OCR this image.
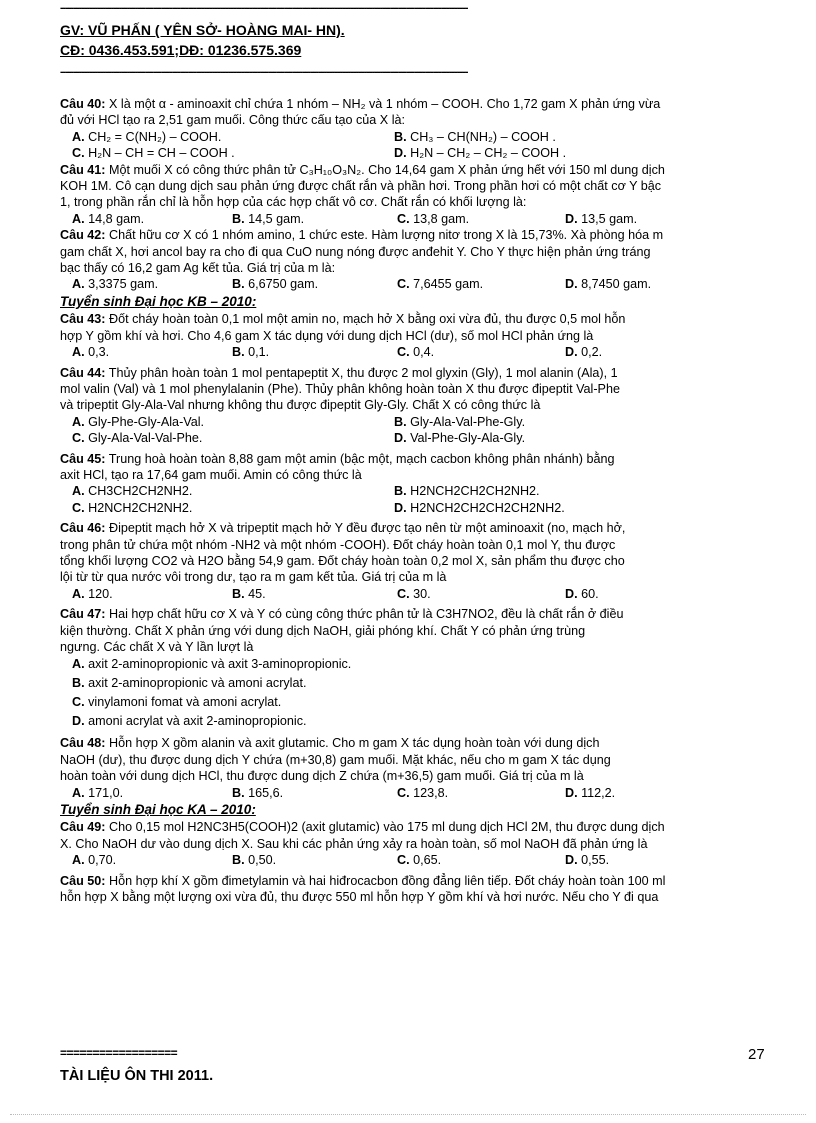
---------------------------------------------------------------------------------------------------------------------------------------------------------
GV: VŨ PHẤN ( YÊN SỞ- HOÀNG MAI- HN).
CĐ: 0436.453.591;DĐ: 01236.575.369
---------------------------------------------------------------------------------------------------------------------------------------------------------

Câu 40: X là một α - aminoaxit chỉ chứa 1 nhóm – NH₂ và 1 nhóm – COOH. Cho 1,72 gam X phản ứng vừa

đủ với HCl tạo ra 2,51 gam muối. Công thức cấu tạo của X là:

A. CH₂ = C(NH₂) – COOH.	B. CH₃ – CH(NH₂) – COOH .
C. H₂N – CH = CH – COOH .	D. H₂N – CH₂ – CH₂ – COOH .

Câu 41: Một muối X có công thức phân tử C₃H₁₀O₃N₂. Cho 14,64 gam X phản ứng hết với 150 ml dung dịch

KOH 1M. Cô cạn dung dịch sau phản ứng được chất rắn và phần hơi. Trong phần hơi có một chất cơ Y bậc

1, trong phần rắn chỉ là hỗn hợp của các hợp chất vô cơ. Chất rắn có khối lượng là:

A. 14,8 gam.	B. 14,5 gam.	C. 13,8 gam.	D. 13,5 gam.

Câu 42: Chất hữu cơ X có 1 nhóm amino, 1 chức este. Hàm lượng nitơ trong X là 15,73%. Xà phòng hóa m

gam chất X, hơi ancol bay ra cho đi qua CuO nung nóng được anđehit Y. Cho Y thực hiện phản ứng tráng

bạc thấy có 16,2 gam Ag kết tủa. Giá trị của m là:

A. 3,3375 gam.	B. 6,6750 gam.	C. 7,6455 gam.	D. 8,7450 gam.
Tuyển sinh Đại học KB – 2010:

Câu 43: Đốt cháy hoàn toàn 0,1 mol một amin no, mạch hở X bằng oxi vừa đủ, thu được 0,5 mol hỗn

hợp Y gồm khí và hơi. Cho 4,6 gam X tác dụng với dung dịch HCl (dư), số mol HCl phản ứng là

A. 0,3.	B. 0,1.	C. 0,4.	D. 0,2.

Câu 44: Thủy phân hoàn toàn 1 mol pentapeptit X, thu được 2 mol glyxin (Gly), 1 mol alanin (Ala), 1

mol valin (Val) và 1 mol phenylalanin (Phe). Thủy phân không hoàn toàn X thu được đipeptit Val-Phe

và tripeptit Gly-Ala-Val nhưng không thu được đipeptit Gly-Gly. Chất X có công thức là

A. Gly-Phe-Gly-Ala-Val.	B. Gly-Ala-Val-Phe-Gly.
C. Gly-Ala-Val-Val-Phe.	D. Val-Phe-Gly-Ala-Gly.

Câu 45: Trung hoà hoàn toàn 8,88 gam một amin (bậc một, mạch cacbon không phân nhánh) bằng

axit HCl, tạo ra 17,64 gam muối. Amin có công thức là

A. CH3CH2CH2NH2.	B. H2NCH2CH2CH2NH2.
C. H2NCH2CH2NH2.	D. H2NCH2CH2CH2CH2NH2.

Câu 46: Đipeptit mạch hở X và tripeptit mạch hở Y đều được tạo nên từ một aminoaxit (no, mạch hở,

trong phân tử chứa một nhóm -NH2 và một nhóm -COOH). Đốt cháy hoàn toàn 0,1 mol Y, thu được

tổng khối lượng CO2 và H2O bằng 54,9 gam. Đốt cháy hoàn toàn 0,2 mol X, sản phẩm thu được cho

lội từ từ qua nước vôi trong dư, tạo ra m gam kết tủa. Giá trị của m là

A. 120.	B. 45.	C. 30.	D. 60.

Câu 47: Hai hợp chất hữu cơ X và Y có cùng công thức phân tử là C3H7NO2, đều là chất rắn ở điều

kiện thường. Chất X phản ứng với dung dịch NaOH, giải phóng khí. Chất Y có phản ứng trùng

ngưng. Các chất X và Y lần lượt là

A. axit 2-aminopropionic và axit 3-aminopropionic.
B. axit 2-aminopropionic và amoni acrylat.
C. vinylamoni fomat và amoni acrylat.
D. amoni acrylat và axit 2-aminopropionic.

Câu 48: Hỗn hợp X gồm alanin và axit glutamic. Cho m gam X tác dụng hoàn toàn với dung dịch

NaOH (dư), thu được dung dịch Y chứa (m+30,8) gam muối. Mặt khác, nếu cho m gam X tác dụng

hoàn toàn với dung dịch HCl, thu được dung dịch Z chứa (m+36,5) gam muối. Giá trị của m là

A. 171,0.	B. 165,6.	C. 123,8.	D. 112,2.
Tuyển sinh Đại học KA – 2010:

Câu 49: Cho 0,15 mol H2NC3H5(COOH)2 (axit glutamic) vào 175 ml dung dịch HCl 2M, thu được dung dịch

X. Cho NaOH dư vào dung dịch X. Sau khi các phản ứng xảy ra hoàn toàn, số mol NaOH đã phản ứng là

A. 0,70.	B. 0,50.	C. 0,65.	D. 0,55.

Câu 50: Hỗn hợp khí X gồm đimetylamin và hai hiđrocacbon đồng đẳng liên tiếp. Đốt cháy hoàn toàn 100 ml

hỗn hợp X bằng một lượng oxi vừa đủ, thu được 550 ml hỗn hợp Y gồm khí và hơi nước. Nếu cho Y đi qua

==================	27
TÀI LIỆU ÔN THI 2011.
